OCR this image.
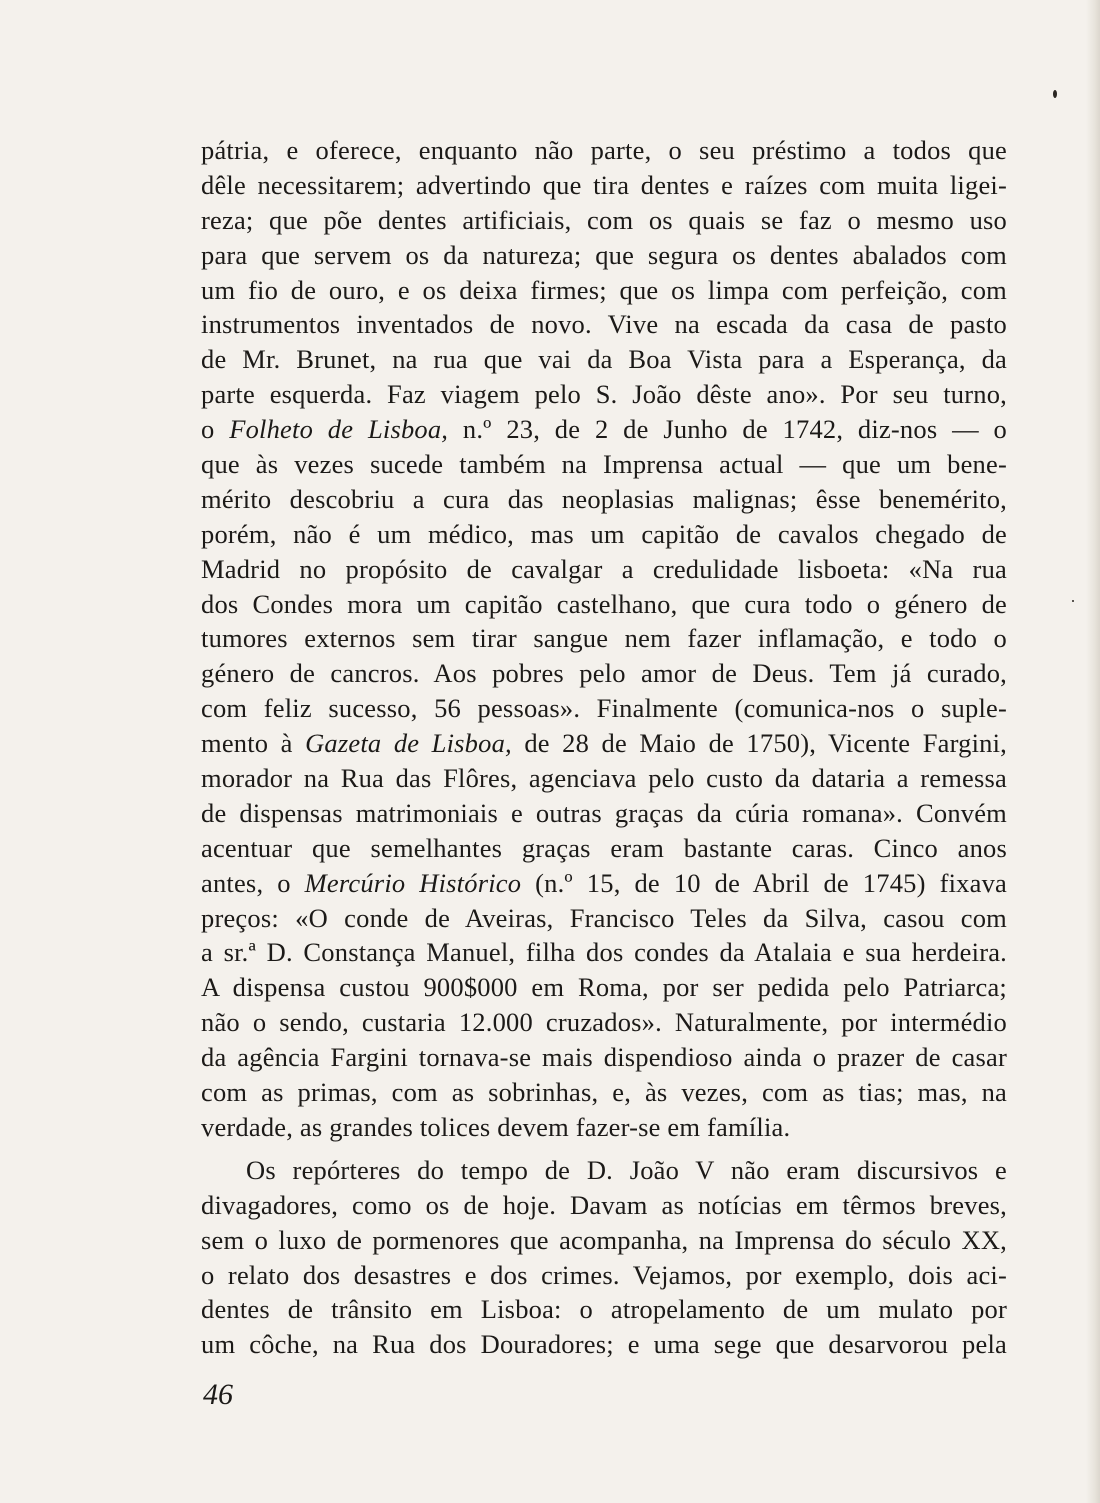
pátria, e oferece, enquanto não parte, o seu préstimo a todos que
dêle necessitarem; advertindo que tira dentes e raízes com muita ligei-
reza; que põe dentes artificiais, com os quais se faz o mesmo uso
para que servem os da natureza; que segura os dentes abalados com
um fio de ouro, e os deixa firmes; que os limpa com perfeição, com
instrumentos inventados de novo. Vive na escada da casa de pasto
de Mr. Brunet, na rua que vai da Boa Vista para a Esperança, da
parte esquerda. Faz viagem pelo S. João dêste ano». Por seu turno,
o Folheto de Lisboa, n.º 23, de 2 de Junho de 1742, diz-nos — o
que às vezes sucede também na Imprensa actual — que um bene-
mérito descobriu a cura das neoplasias malignas; êsse benemérito,
porém, não é um médico, mas um capitão de cavalos chegado de
Madrid no propósito de cavalgar a credulidade lisboeta: «Na rua
dos Condes mora um capitão castelhano, que cura todo o género de
tumores externos sem tirar sangue nem fazer inflamação, e todo o
género de cancros. Aos pobres pelo amor de Deus. Tem já curado,
com feliz sucesso, 56 pessoas». Finalmente (comunica-nos o suple-
mento à Gazeta de Lisboa, de 28 de Maio de 1750), Vicente Fargini,
morador na Rua das Flôres, agenciava pelo custo da dataria a remessa
de dispensas matrimoniais e outras graças da cúria romana». Convém
acentuar que semelhantes graças eram bastante caras. Cinco anos
antes, o Mercúrio Histórico (n.º 15, de 10 de Abril de 1745) fixava
preços: «O conde de Aveiras, Francisco Teles da Silva, casou com
a sr.ª D. Constança Manuel, filha dos condes da Atalaia e sua herdeira.
A dispensa custou 900$000 em Roma, por ser pedida pelo Patriarca;
não o sendo, custaria 12.000 cruzados». Naturalmente, por intermédio
da agência Fargini tornava-se mais dispendioso ainda o prazer de casar
com as primas, com as sobrinhas, e, às vezes, com as tias; mas, na
verdade, as grandes tolices devem fazer-se em família.
Os repórteres do tempo de D. João V não eram discursivos e
divagadores, como os de hoje. Davam as notícias em têrmos breves,
sem o luxo de pormenores que acompanha, na Imprensa do século XX,
o relato dos desastres e dos crimes. Vejamos, por exemplo, dois aci-
dentes de trânsito em Lisboa: o atropelamento de um mulato por
um côche, na Rua dos Douradores; e uma sege que desarvorou pela
46
